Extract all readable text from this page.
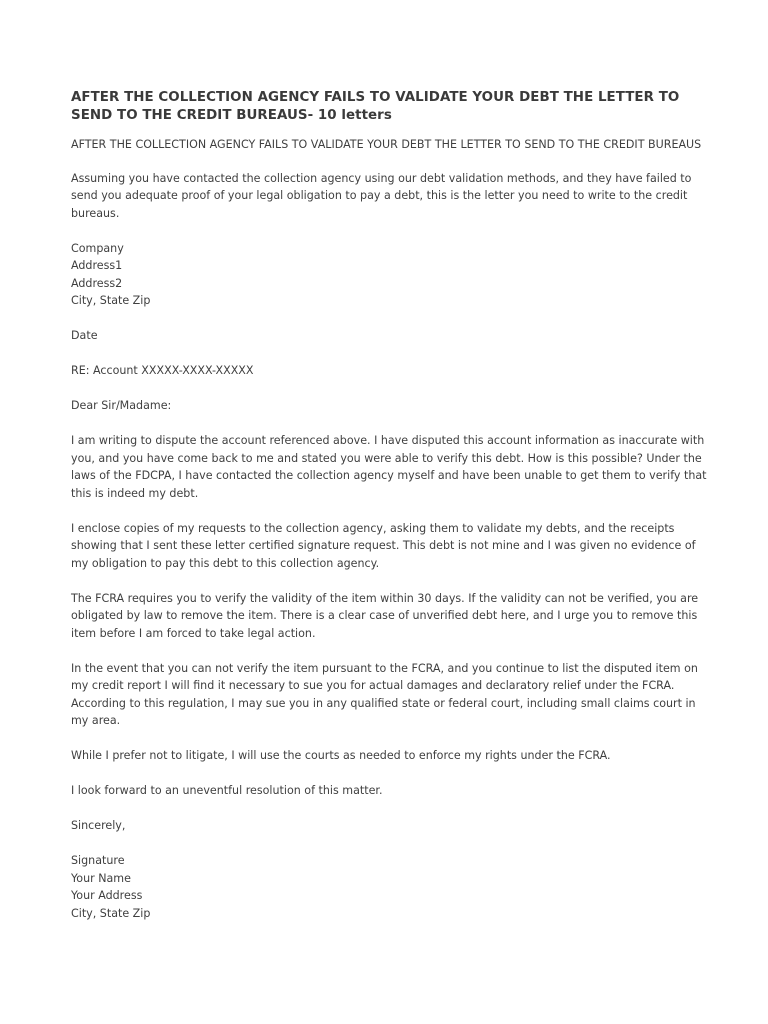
AFTER THE COLLECTION AGENCY FAILS TO VALIDATE YOUR DEBT THE LETTER TO SEND TO THE CREDIT BUREAUS- 10 letters
AFTER THE COLLECTION AGENCY FAILS TO VALIDATE YOUR DEBT THE LETTER TO SEND TO THE CREDIT BUREAUS

Assuming you have contacted the collection agency using our debt validation methods, and they have failed to send you adequate proof of your legal obligation to pay a debt, this is the letter you need to write to the credit bureaus.

Company
Address1
Address2
City, State Zip

Date

RE: Account XXXXX-XXXX-XXXXX

Dear Sir/Madame:

I am writing to dispute the account referenced above. I have disputed this account information as inaccurate with you, and you have come back to me and stated you were able to verify this debt. How is this possible? Under the laws of the FDCPA, I have contacted the collection agency myself and have been unable to get them to verify that this is indeed my debt.

I enclose copies of my requests to the collection agency, asking them to validate my debts, and the receipts showing that I sent these letter certified signature request. This debt is not mine and I was given no evidence of my obligation to pay this debt to this collection agency.

The FCRA requires you to verify the validity of the item within 30 days. If the validity can not be verified, you are obligated by law to remove the item. There is a clear case of unverified debt here, and I urge you to remove this item before I am forced to take legal action.

In the event that you can not verify the item pursuant to the FCRA, and you continue to list the disputed item on my credit report I will find it necessary to sue you for actual damages and declaratory relief under the FCRA. According to this regulation, I may sue you in any qualified state or federal court, including small claims court in my area.

While I prefer not to litigate, I will use the courts as needed to enforce my rights under the FCRA.

I look forward to an uneventful resolution of this matter.

Sincerely,

Signature
Your Name
Your Address
City, State Zip
